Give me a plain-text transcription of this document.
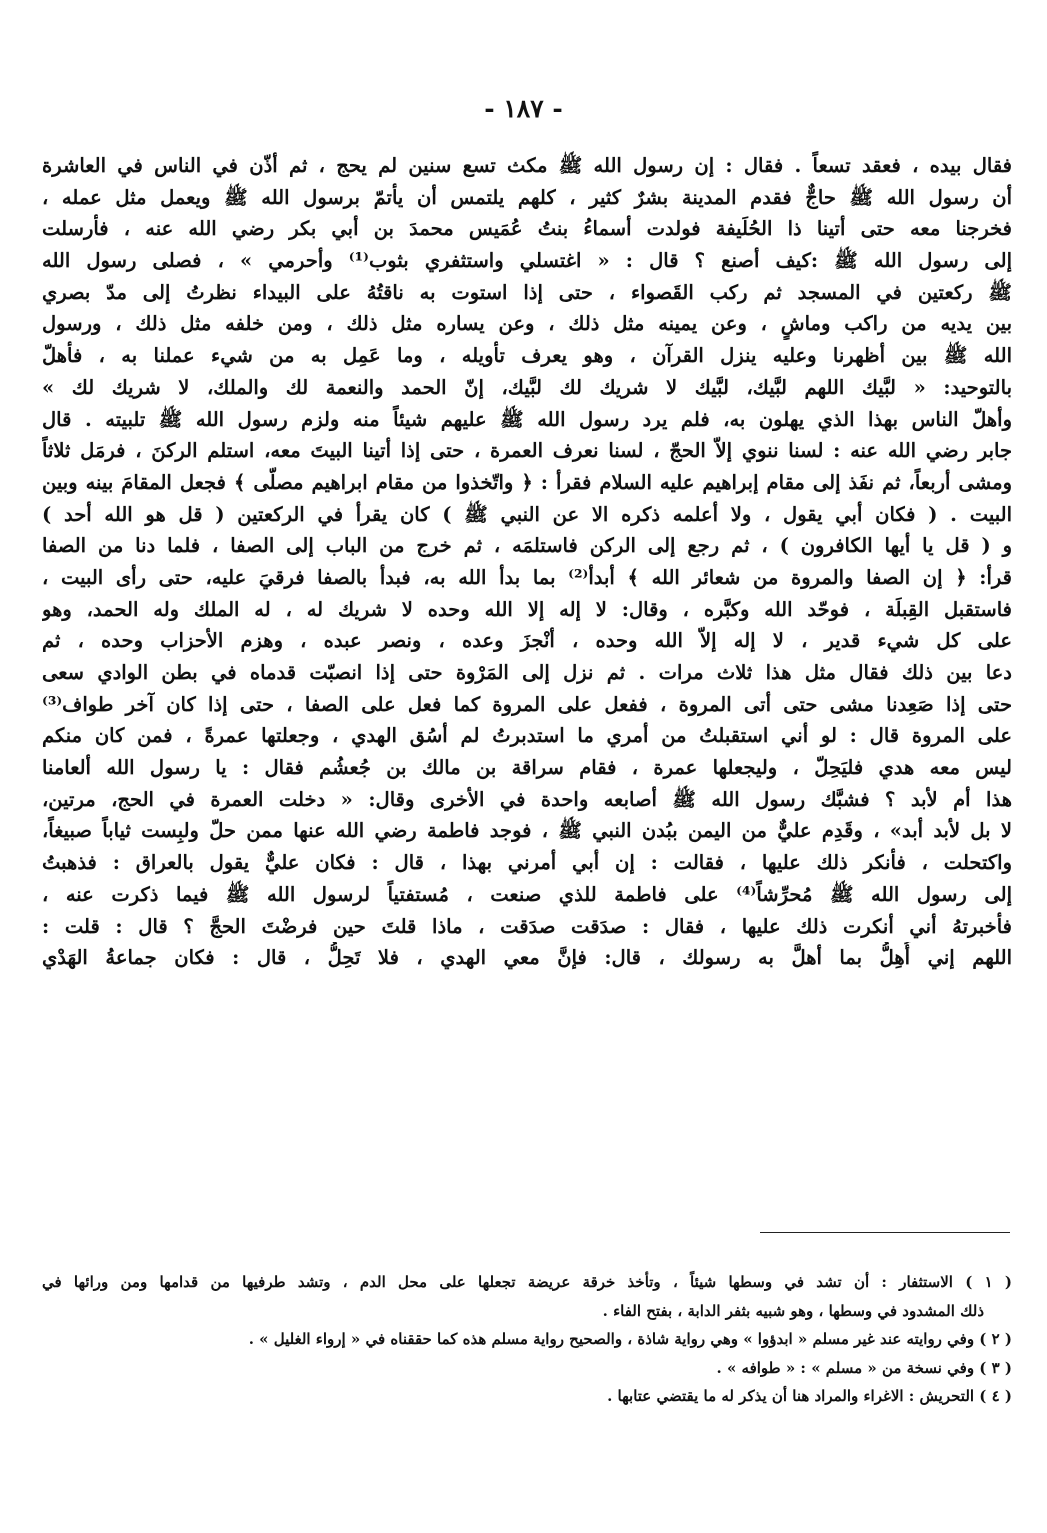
- ١٨٧ -
فقال بيده ، فعقد تسعاً . فقال : إن رسول الله ﷺ مكث تسع سنين لم يحج ، ثم أذّن في الناس في العاشرة
أن رسول الله ﷺ حاجٌّ فقدم المدينة بشرٌ كثير ، كلهم يلتمس أن يأتمّ برسول الله ﷺ ويعمل مثل عمله ،
فخرجنا معه حتى أتينا ذا الحُلَيفة فولدت أسماءُ بنتُ عُمَيس محمدَ بن أبي بكر رضي الله عنه ، فأرسلت
إلى رسول الله ﷺ :كيف أصنع ؟ قال : « اغتسلي واستثفري بثوب⁽¹⁾ وأحرمي » ، فصلى رسول الله
ﷺ ركعتين في المسجد ثم ركب القَصواء ، حتى إذا استوت به ناقتُهُ على البيداء نظرتُ إلى مدّ بصري
بين يديه من راكب وماشٍ ، وعن يمينه مثل ذلك ، وعن يساره مثل ذلك ، ومن خلفه مثل ذلك ، ورسول
الله ﷺ بين أظهرنا وعليه ينزل القرآن ، وهو يعرف تأويله ، وما عَمِل به من شيء عملنا به ، فأهلّ
بالتوحيد: « لبَّيك اللهم لبَّيك، لبَّيك لا شريك لك لبَّيك، إنّ الحمد والنعمة لك والملك، لا شريك لك »
وأهلّ الناس بهذا الذي يهلون به، فلم يرد رسول الله ﷺ عليهم شيئاً منه ولزم رسول الله ﷺ تلبيته . قال
جابر رضي الله عنه : لسنا ننوي إلاّ الحجّ ، لسنا نعرف العمرة ، حتى إذا أتينا البيتَ معه، استلم الركنَ ، فرمَل ثلاثاً
ومشى أربعاً، ثم نفَذ إلى مقام إبراهيم عليه السلام فقرأ : ﴿ واتّخذوا من مقام ابراهيم مصلّى ﴾ فجعل المقامَ بينه وبين
البيت . ( فكان أبي يقول ، ولا أعلمه ذكره الا عن النبي ﷺ ) كان يقرأ في الركعتين ( قل هو الله أحد )
و ( قل يا أيها الكافرون ) ، ثم رجع إلى الركن فاستلمَه ، ثم خرج من الباب إلى الصفا ، فلما دنا من الصفا
قرأ: ﴿ إن الصفا والمروة من شعائر الله ﴾ أبدأ⁽²⁾ بما بدأ الله به، فبدأ بالصفا فرقيَ عليه، حتى رأى البيت ،
فاستقبل القِبلَة ، فوحّد الله وكبَّره ، وقال: لا إله إلا الله وحده لا شريك له ، له الملك وله الحمد، وهو
على كل شيء قدير ، لا إله إلاّ الله وحده ، أنْجزَ وعده ، ونصر عبده ، وهزم الأحزاب وحده ، ثم
دعا بين ذلك فقال مثل هذا ثلاث مرات . ثم نزل إلى المَرْوة حتى إذا انصبّت قدماه في بطن الوادي سعى
حتى إذا صَعِدنا مشى حتى أتى المروة ، ففعل على المروة كما فعل على الصفا ، حتى إذا كان آخر طواف⁽³⁾
على المروة قال : لو أني استقبلتُ من أمري ما استدبرتُ لم أسُق الهدي ، وجعلتها عمرةً ، فمن كان منكم
ليس معه هدي فليَحِلّ ، وليجعلها عمرة ، فقام سراقة بن مالك بن جُعشُم فقال : يا رسول الله ألعامنا
هذا أم لأبد ؟ فشبَّك رسول الله ﷺ أصابعه واحدة في الأخرى وقال: « دخلت العمرة في الحج، مرتين،
لا بل لأبد أبد» ، وقَدِم عليٌّ من اليمن ببُدن النبي ﷺ ، فوجد فاطمة رضي الله عنها ممن حلّ ولبِست ثياباً صبيغاً،
واكتحلت ، فأنكر ذلك عليها ، فقالت : إن أبي أمرني بهذا ، قال : فكان عليٌّ يقول بالعراق : فذهبتُ
إلى رسول الله ﷺ مُحرِّشاً⁽⁴⁾ على فاطمة للذي صنعت ، مُستفتياً لرسول الله ﷺ فيما ذكرت عنه ،
فأخبرتهُ أني أنكرت ذلك عليها ، فقال : صدَقت صدَقت ، ماذا قلتَ حين فرضْتَ الحجَّ ؟ قال : قلت :
اللهم إني أُهِلُّ بما أهلَّ به رسولك ، قال: فإنَّ معي الهدي ، فلا تَحِلُّ ، قال : فكان جماعةُ الهَدْي
( ١ ) الاستثفار : أن تشد في وسطها شيئاً ، وتأخذ خرقة عريضة تجعلها على محل الدم ، وتشد طرفيها من قدامها ومن ورائها في
ذلك المشدود في وسطها ، وهو شبيه بثفر الدابة ، بفتح الفاء .
( ٢ ) وفي روايته عند غير مسلم « ابدؤوا » وهي رواية شاذة ، والصحيح رواية مسلم هذه كما حققناه في « إرواء الغليل » .
( ٣ ) وفي نسخة من « مسلم » : « طوافه » .
( ٤ ) التحريش : الاغراء والمراد هنا أن يذكر له ما يقتضي عتابها .
